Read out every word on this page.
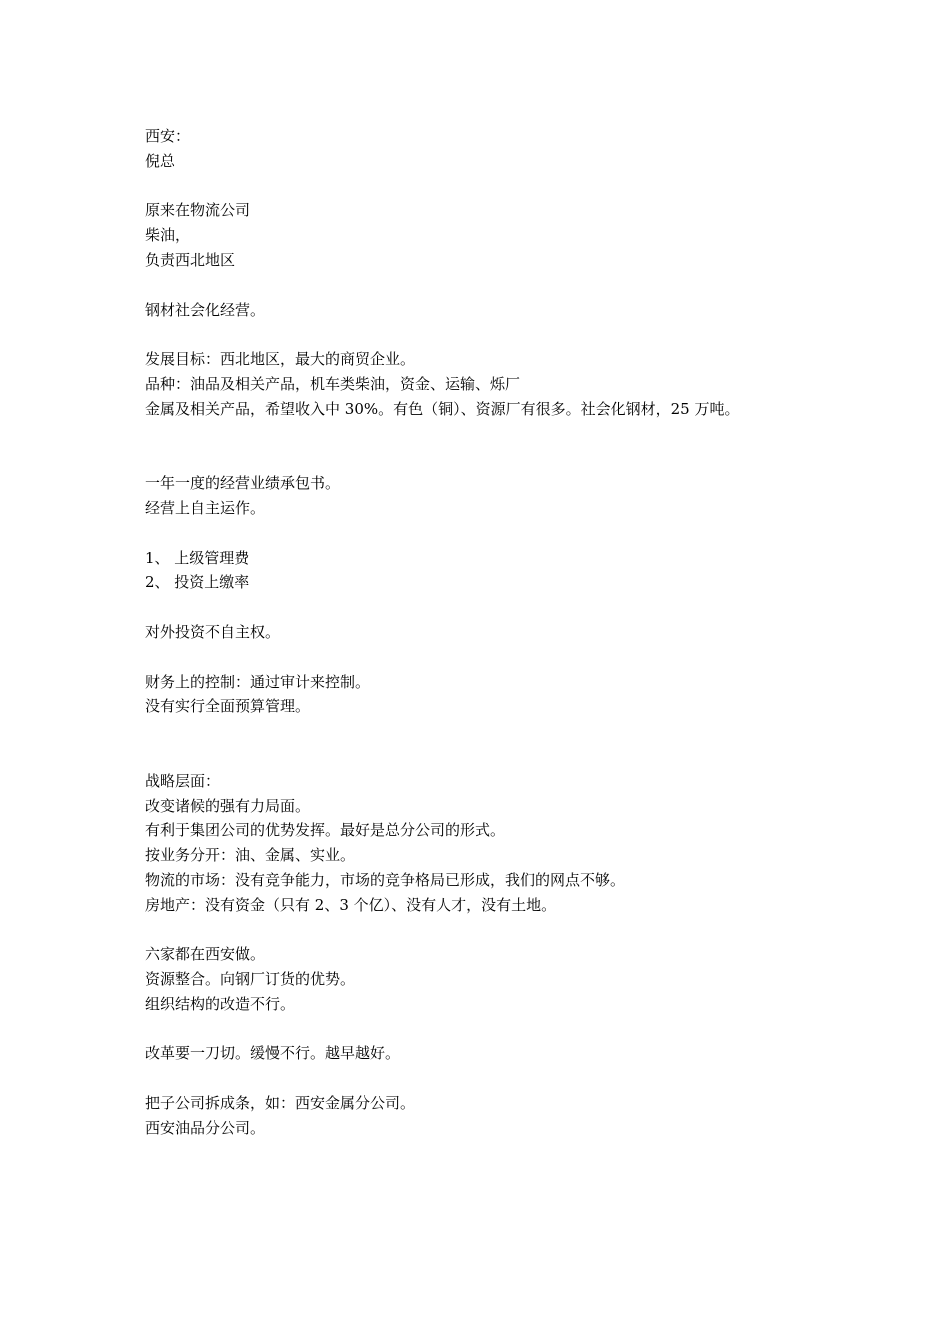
西安：
倪总
原来在物流公司
柴油，
负责西北地区
钢材社会化经营。
发展目标：西北地区，最大的商贸企业。
品种：油品及相关产品，机车类柴油，资金、运输、烁厂
金属及相关产品，希望收入中 30%。有色（铜）、资源厂有很多。社会化钢材，25 万吨。
一年一度的经营业绩承包书。
经营上自主运作。
1、 上级管理费
2、 投资上缴率
对外投资不自主权。
财务上的控制：通过审计来控制。
没有实行全面预算管理。
战略层面：
改变诸候的强有力局面。
有利于集团公司的优势发挥。最好是总分公司的形式。
按业务分开：油、金属、实业。
物流的市场：没有竞争能力，市场的竞争格局已形成，我们的网点不够。
房地产：没有资金（只有 2、3 个亿）、没有人才，没有土地。
六家都在西安做。
资源整合。向钢厂订货的优势。
组织结构的改造不行。
改革要一刀切。缓慢不行。越早越好。
把子公司拆成条，如：西安金属分公司。
西安油品分公司。
